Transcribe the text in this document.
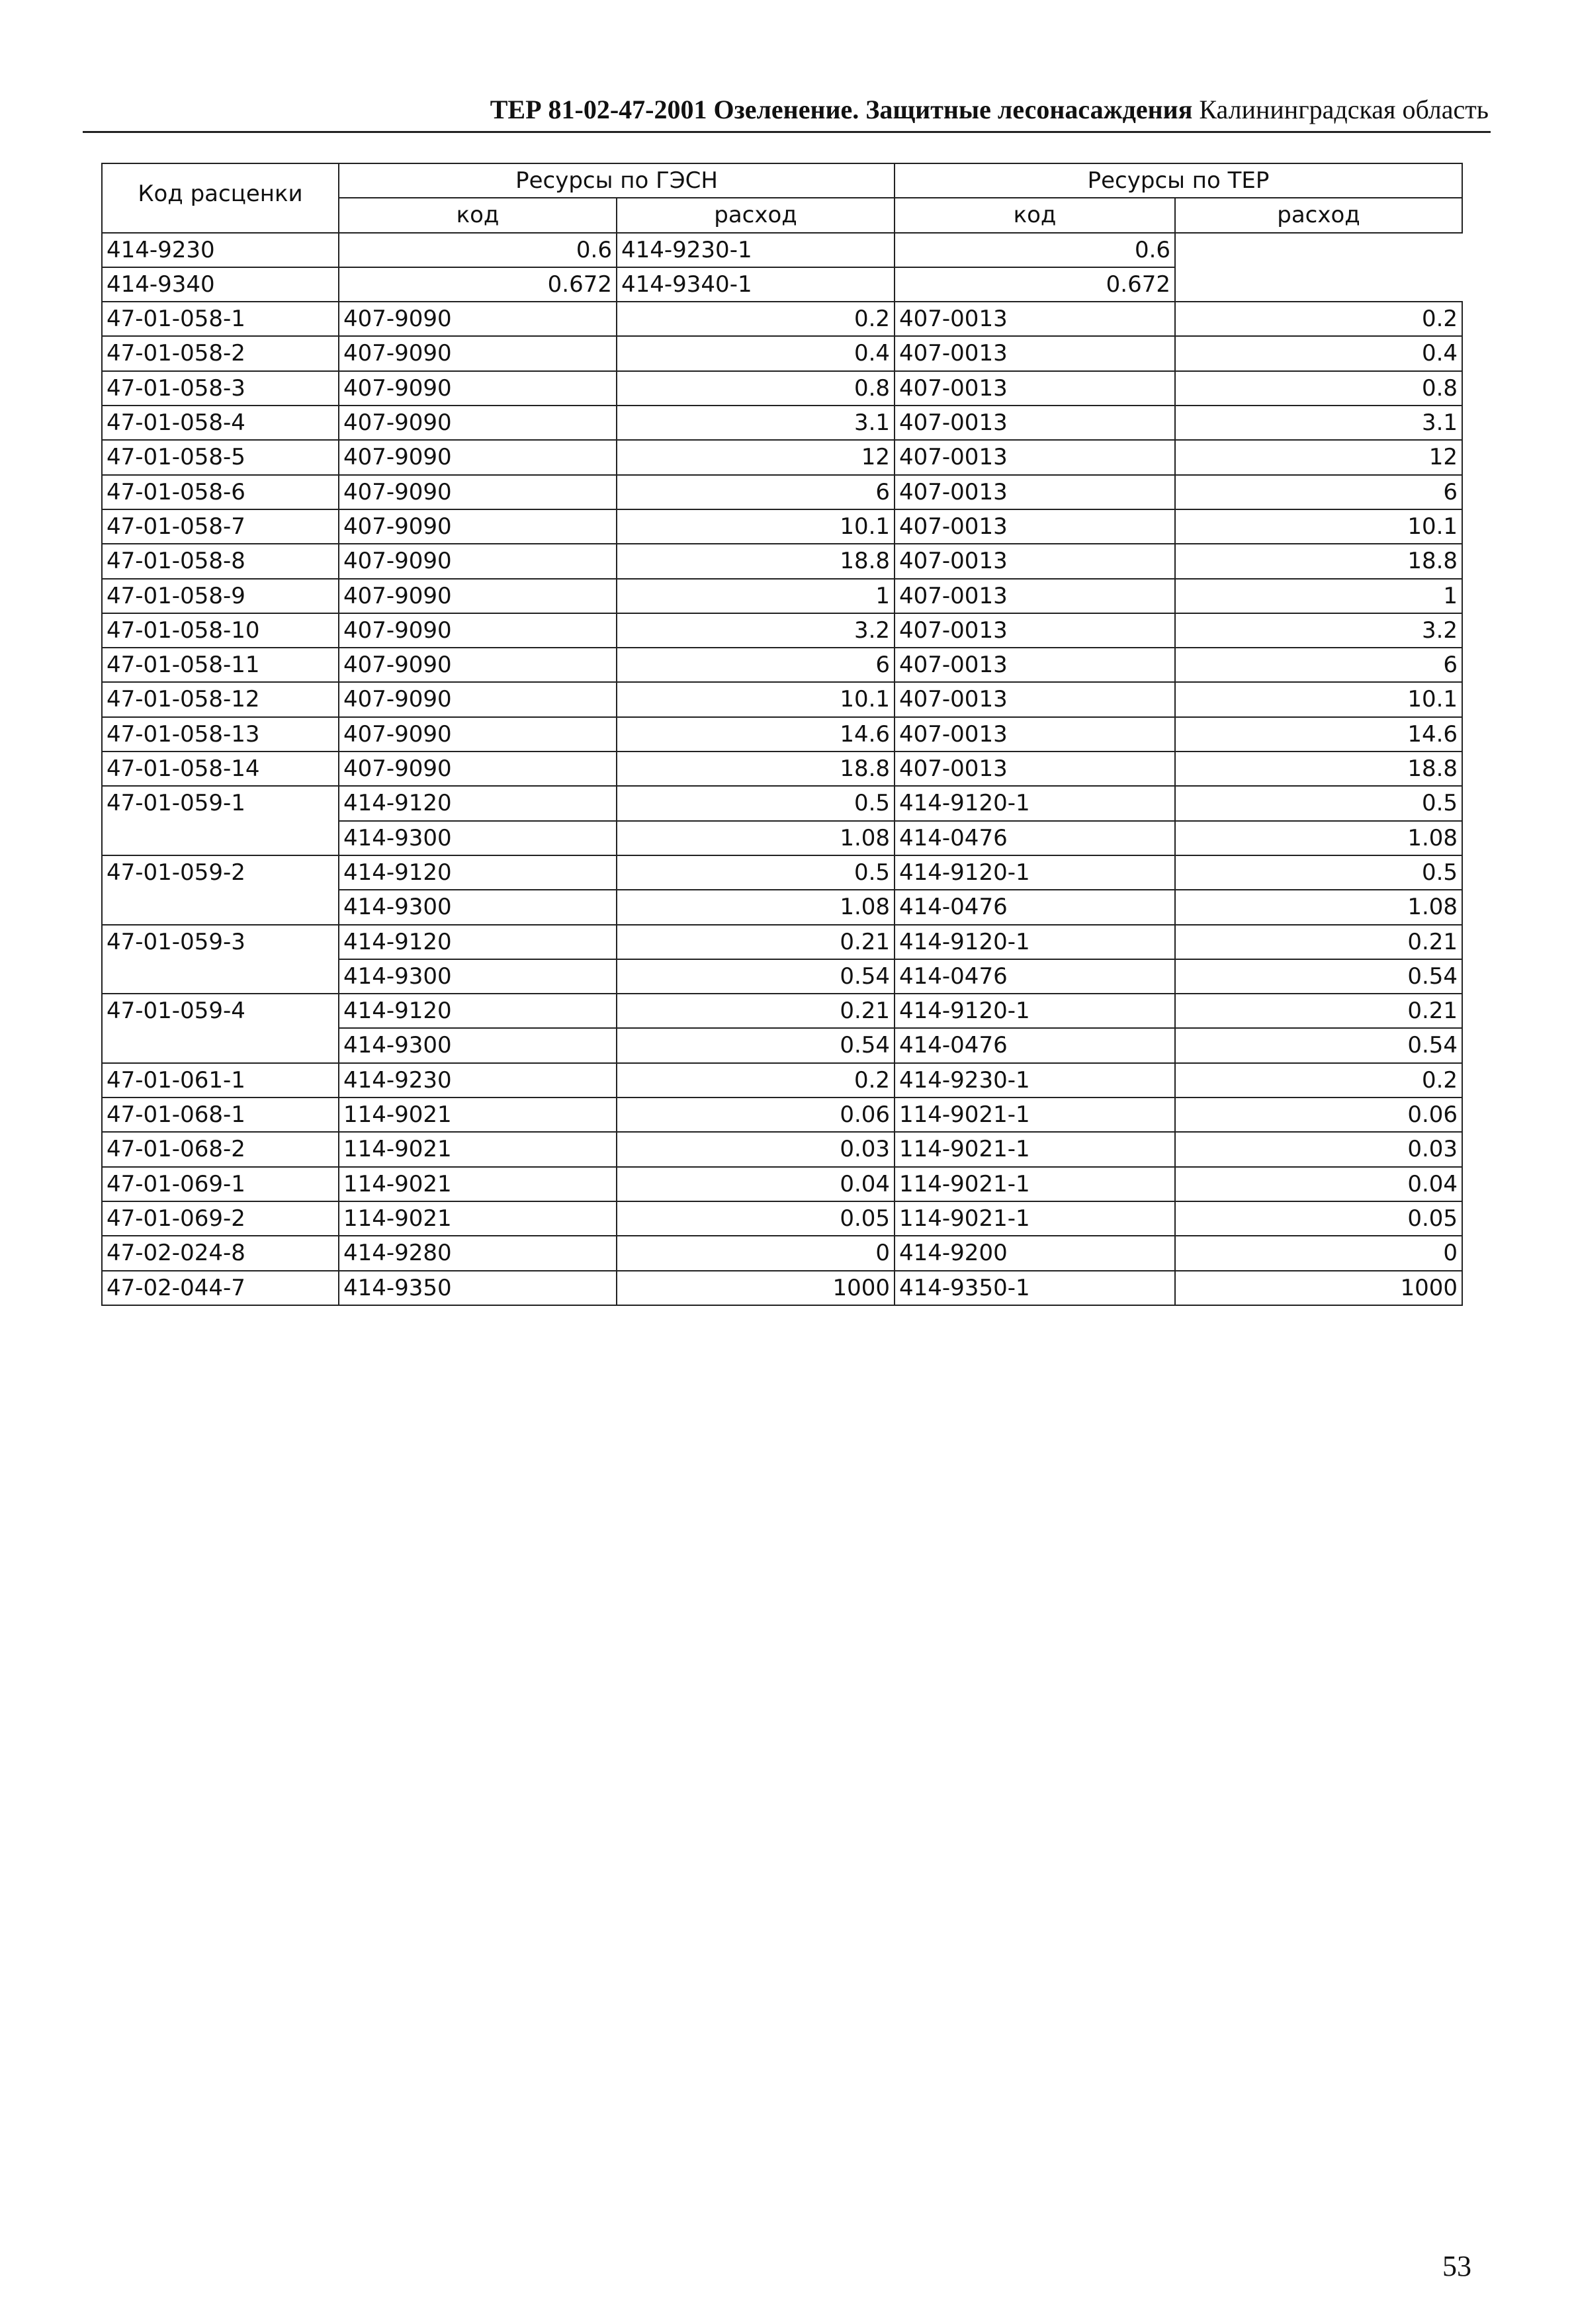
ТЕР 81-02-47-2001 Озеленение. Защитные лесонасаждения Калининградская область
Код расценки	Ресурсы по ГЭСН		Ресурсы по ТЕР	
	код	расход	код	расход
414-9230	0.6	414-9230-1	0.6	
414-9340	0.672	414-9340-1	0.672	
47-01-058-1	407-9090	0.2	407-0013	0.2
47-01-058-2	407-9090	0.4	407-0013	0.4
47-01-058-3	407-9090	0.8	407-0013	0.8
47-01-058-4	407-9090	3.1	407-0013	3.1
47-01-058-5	407-9090	12	407-0013	12
47-01-058-6	407-9090	6	407-0013	6
47-01-058-7	407-9090	10.1	407-0013	10.1
47-01-058-8	407-9090	18.8	407-0013	18.8
47-01-058-9	407-9090	1	407-0013	1
47-01-058-10	407-9090	3.2	407-0013	3.2
47-01-058-11	407-9090	6	407-0013	6
47-01-058-12	407-9090	10.1	407-0013	10.1
47-01-058-13	407-9090	14.6	407-0013	14.6
47-01-058-14	407-9090	18.8	407-0013	18.8
47-01-059-1	414-9120	0.5	414-9120-1	0.5
	414-9300	1.08	414-0476	1.08
47-01-059-2	414-9120	0.5	414-9120-1	0.5
	414-9300	1.08	414-0476	1.08
47-01-059-3	414-9120	0.21	414-9120-1	0.21
	414-9300	0.54	414-0476	0.54
47-01-059-4	414-9120	0.21	414-9120-1	0.21
	414-9300	0.54	414-0476	0.54
47-01-061-1	414-9230	0.2	414-9230-1	0.2
47-01-068-1	114-9021	0.06	114-9021-1	0.06
47-01-068-2	114-9021	0.03	114-9021-1	0.03
47-01-069-1	114-9021	0.04	114-9021-1	0.04
47-01-069-2	114-9021	0.05	114-9021-1	0.05
47-02-024-8	414-9280	0	414-9200	0
47-02-044-7	414-9350	1000	414-9350-1	1000
53
